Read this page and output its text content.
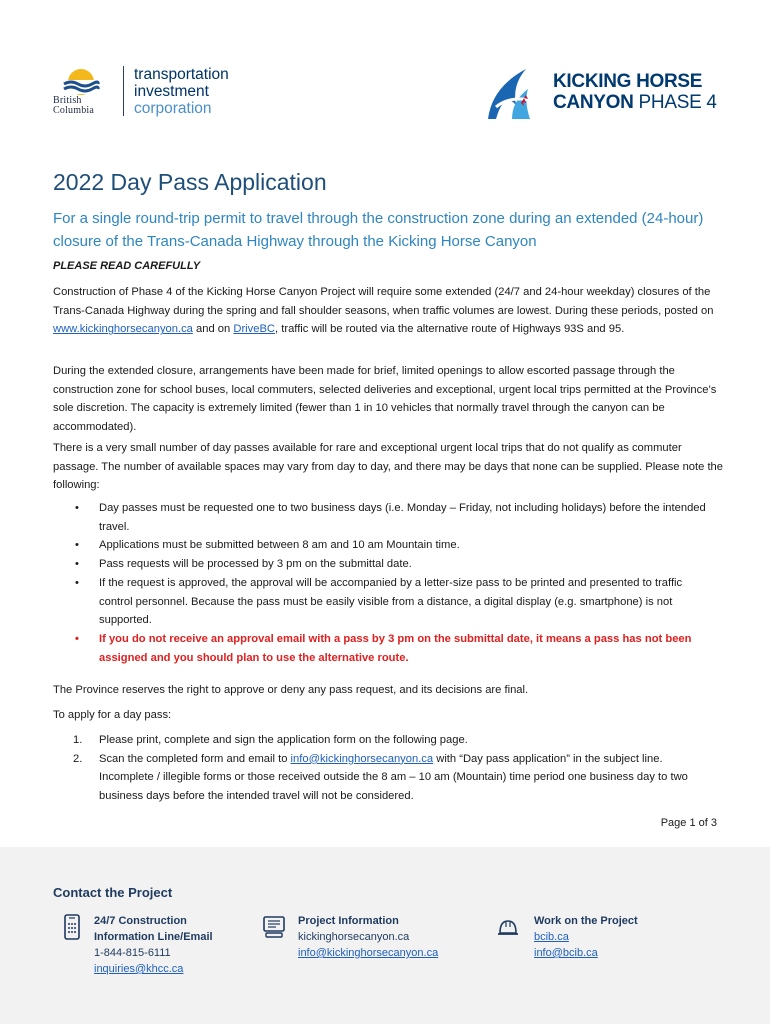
British
Columbia
transportation
investment
corporation
KICKING HORSE
CANYON PHASE 4
2022 Day Pass Application

For a single round-trip permit to travel through the construction zone during an extended (24-hour) closure of the Trans-Canada Highway through the Kicking Horse Canyon

PLEASE READ CAREFULLY

Construction of Phase 4 of the Kicking Horse Canyon Project will require some extended (24/7 and 24-hour weekday) closures of the Trans-Canada Highway during the spring and fall shoulder seasons, when traffic volumes are lowest. During these periods, posted on www.kickinghorsecanyon.ca and on DriveBC, traffic will be routed via the alternative route of Highways 93S and 95.

During the extended closure, arrangements have been made for brief, limited openings to allow escorted passage through the construction zone for school buses, local commuters, selected deliveries and exceptional, urgent local trips permitted at the Province’s sole discretion. The capacity is extremely limited (fewer than 1 in 10 vehicles that normally travel through the canyon can be accommodated).

There is a very small number of day passes available for rare and exceptional urgent local trips that do not qualify as commuter passage. The number of available spaces may vary from day to day, and there may be days that none can be supplied. Please note the following:

• Day passes must be requested one to two business days (i.e. Monday – Friday, not including holidays) before the intended travel.
• Applications must be submitted between 8 am and 10 am Mountain time.
• Pass requests will be processed by 3 pm on the submittal date.
• If the request is approved, the approval will be accompanied by a letter-size pass to be printed and presented to traffic control personnel. Because the pass must be easily visible from a distance, a digital display (e.g. smartphone) is not supported.
• If you do not receive an approval email with a pass by 3 pm on the submittal date, it means a pass has not been assigned and you should plan to use the alternative route.

The Province reserves the right to approve or deny any pass request, and its decisions are final.

To apply for a day pass:

1. Please print, complete and sign the application form on the following page.
2. Scan the completed form and email to info@kickinghorsecanyon.ca with “Day pass application” in the subject line. Incomplete / illegible forms or those received outside the 8 am – 10 am (Mountain) time period one business day to two business days before the intended travel will not be considered.
Page 1 of 3
Contact the Project
24/7 Construction
Information Line/Email
1-844-815-6111
inquiries@khcc.ca
Project Information
kickinghorsecanyon.ca
info@kickinghorsecanyon.ca
Work on the Project
bcib.ca
info@bcib.ca
